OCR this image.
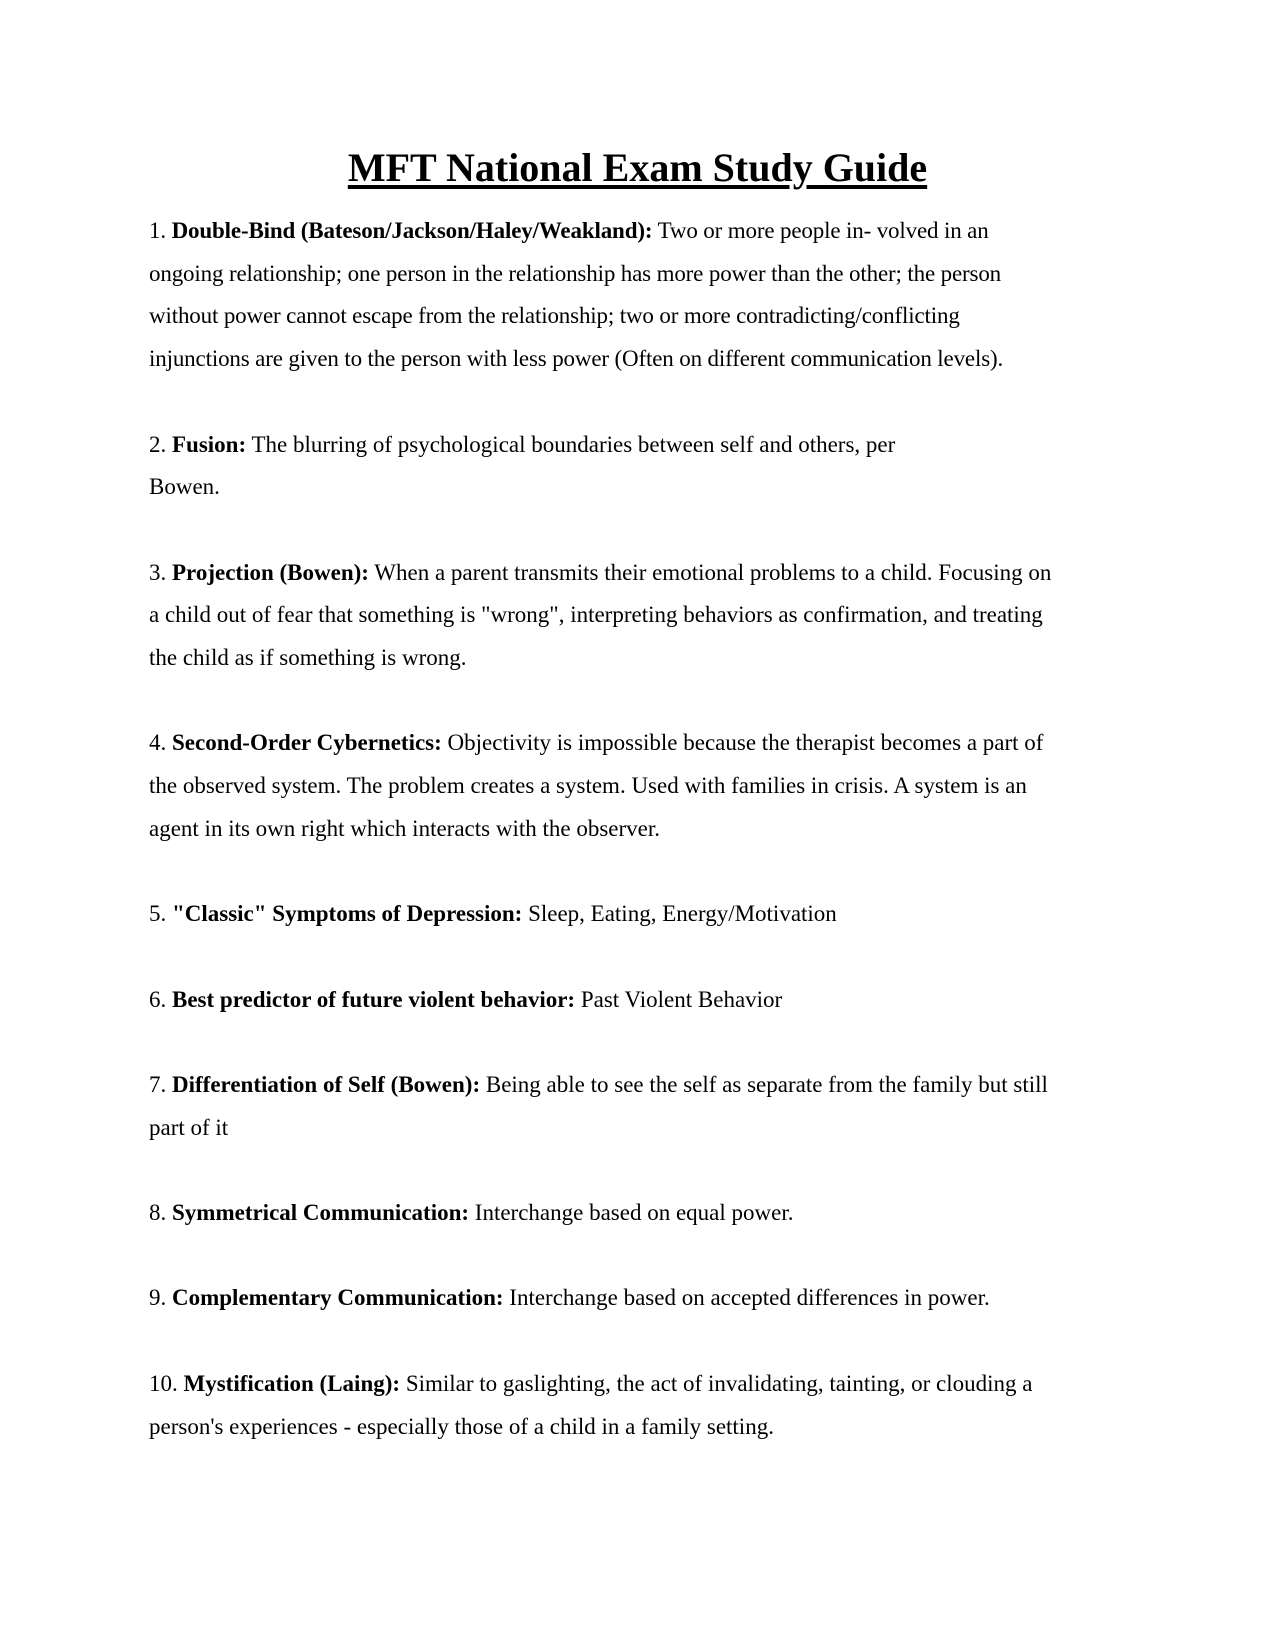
MFT National Exam Study Guide
1. Double-Bind (Bateson/Jackson/Haley/Weakland): Two or more people in- volved in an
ongoing relationship; one person in the relationship has more power than the other; the person
without power cannot escape from the relationship; two or more contradicting/conflicting
injunctions are given to the person with less power (Often on different communication levels).
2. Fusion: The blurring of psychological boundaries between self and others, per
Bowen.
3. Projection (Bowen): When a parent transmits their emotional problems to a child. Focusing on
a child out of fear that something is "wrong", interpreting behaviors as confirmation, and treating
the child as if something is wrong.
4. Second-Order Cybernetics: Objectivity is impossible because the therapist becomes a part of
the observed system. The problem creates a system. Used with families in crisis. A system is an
agent in its own right which interacts with the observer.
5. "Classic" Symptoms of Depression: Sleep, Eating, Energy/Motivation
6. Best predictor of future violent behavior: Past Violent Behavior
7. Differentiation of Self (Bowen): Being able to see the self as separate from the family but still
part of it
8. Symmetrical Communication: Interchange based on equal power.
9. Complementary Communication: Interchange based on accepted differences in power.
10. Mystification (Laing): Similar to gaslighting, the act of invalidating, tainting, or clouding a
person's experiences - especially those of a child in a family setting.
